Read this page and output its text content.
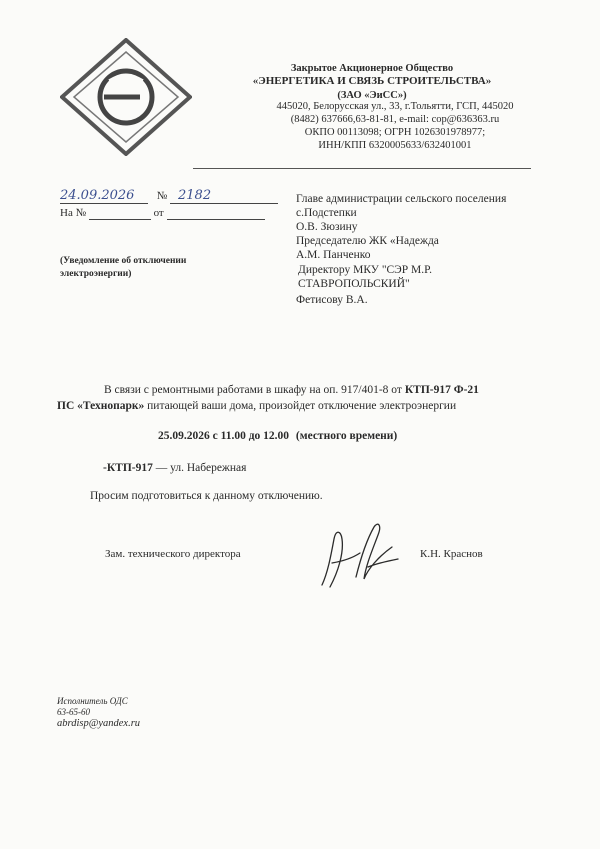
Закрытое Акционерное Общество
«ЭНЕРГЕТИКА И СВЯЗЬ СТРОИТЕЛЬСТВА»
(ЗАО «ЭиСС»)
445020, Белорусская ул., 33, г.Тольятти, ГСП, 445020
(8482) 637666,63-81-81, e-mail: cop@636363.ru
ОКПО 00113098; ОГРН 1026301978977;
ИНН/КПП 6320005633/632401001
24.09.2026 № 2182
На №	от
(Уведомление об отключении
электроэнергии)
Главе администрации сельского поселения
с.Подстепки
О.В. Зюзину
Председателю ЖК «Надежда
А.М. Панченко
Директору МКУ "СЭР М.Р.
СТАВРОПОЛЬСКИЙ"
Фетисову В.А.
В связи с ремонтными работами в шкафу на оп. 917/401-8 от КТП-917 Ф-21
ПС «Технопарк» питающей ваши дома, произойдет отключение электроэнергии
25.09.2026 с 11.00 до 12.00 (местного времени)
-КТП-917 — ул. Набережная
Просим подготовиться к данному отключению.
Зам. технического директора	К.Н. Краснов
Исполнитель ОДС
63-65-60
abrdisp@yandex.ru
